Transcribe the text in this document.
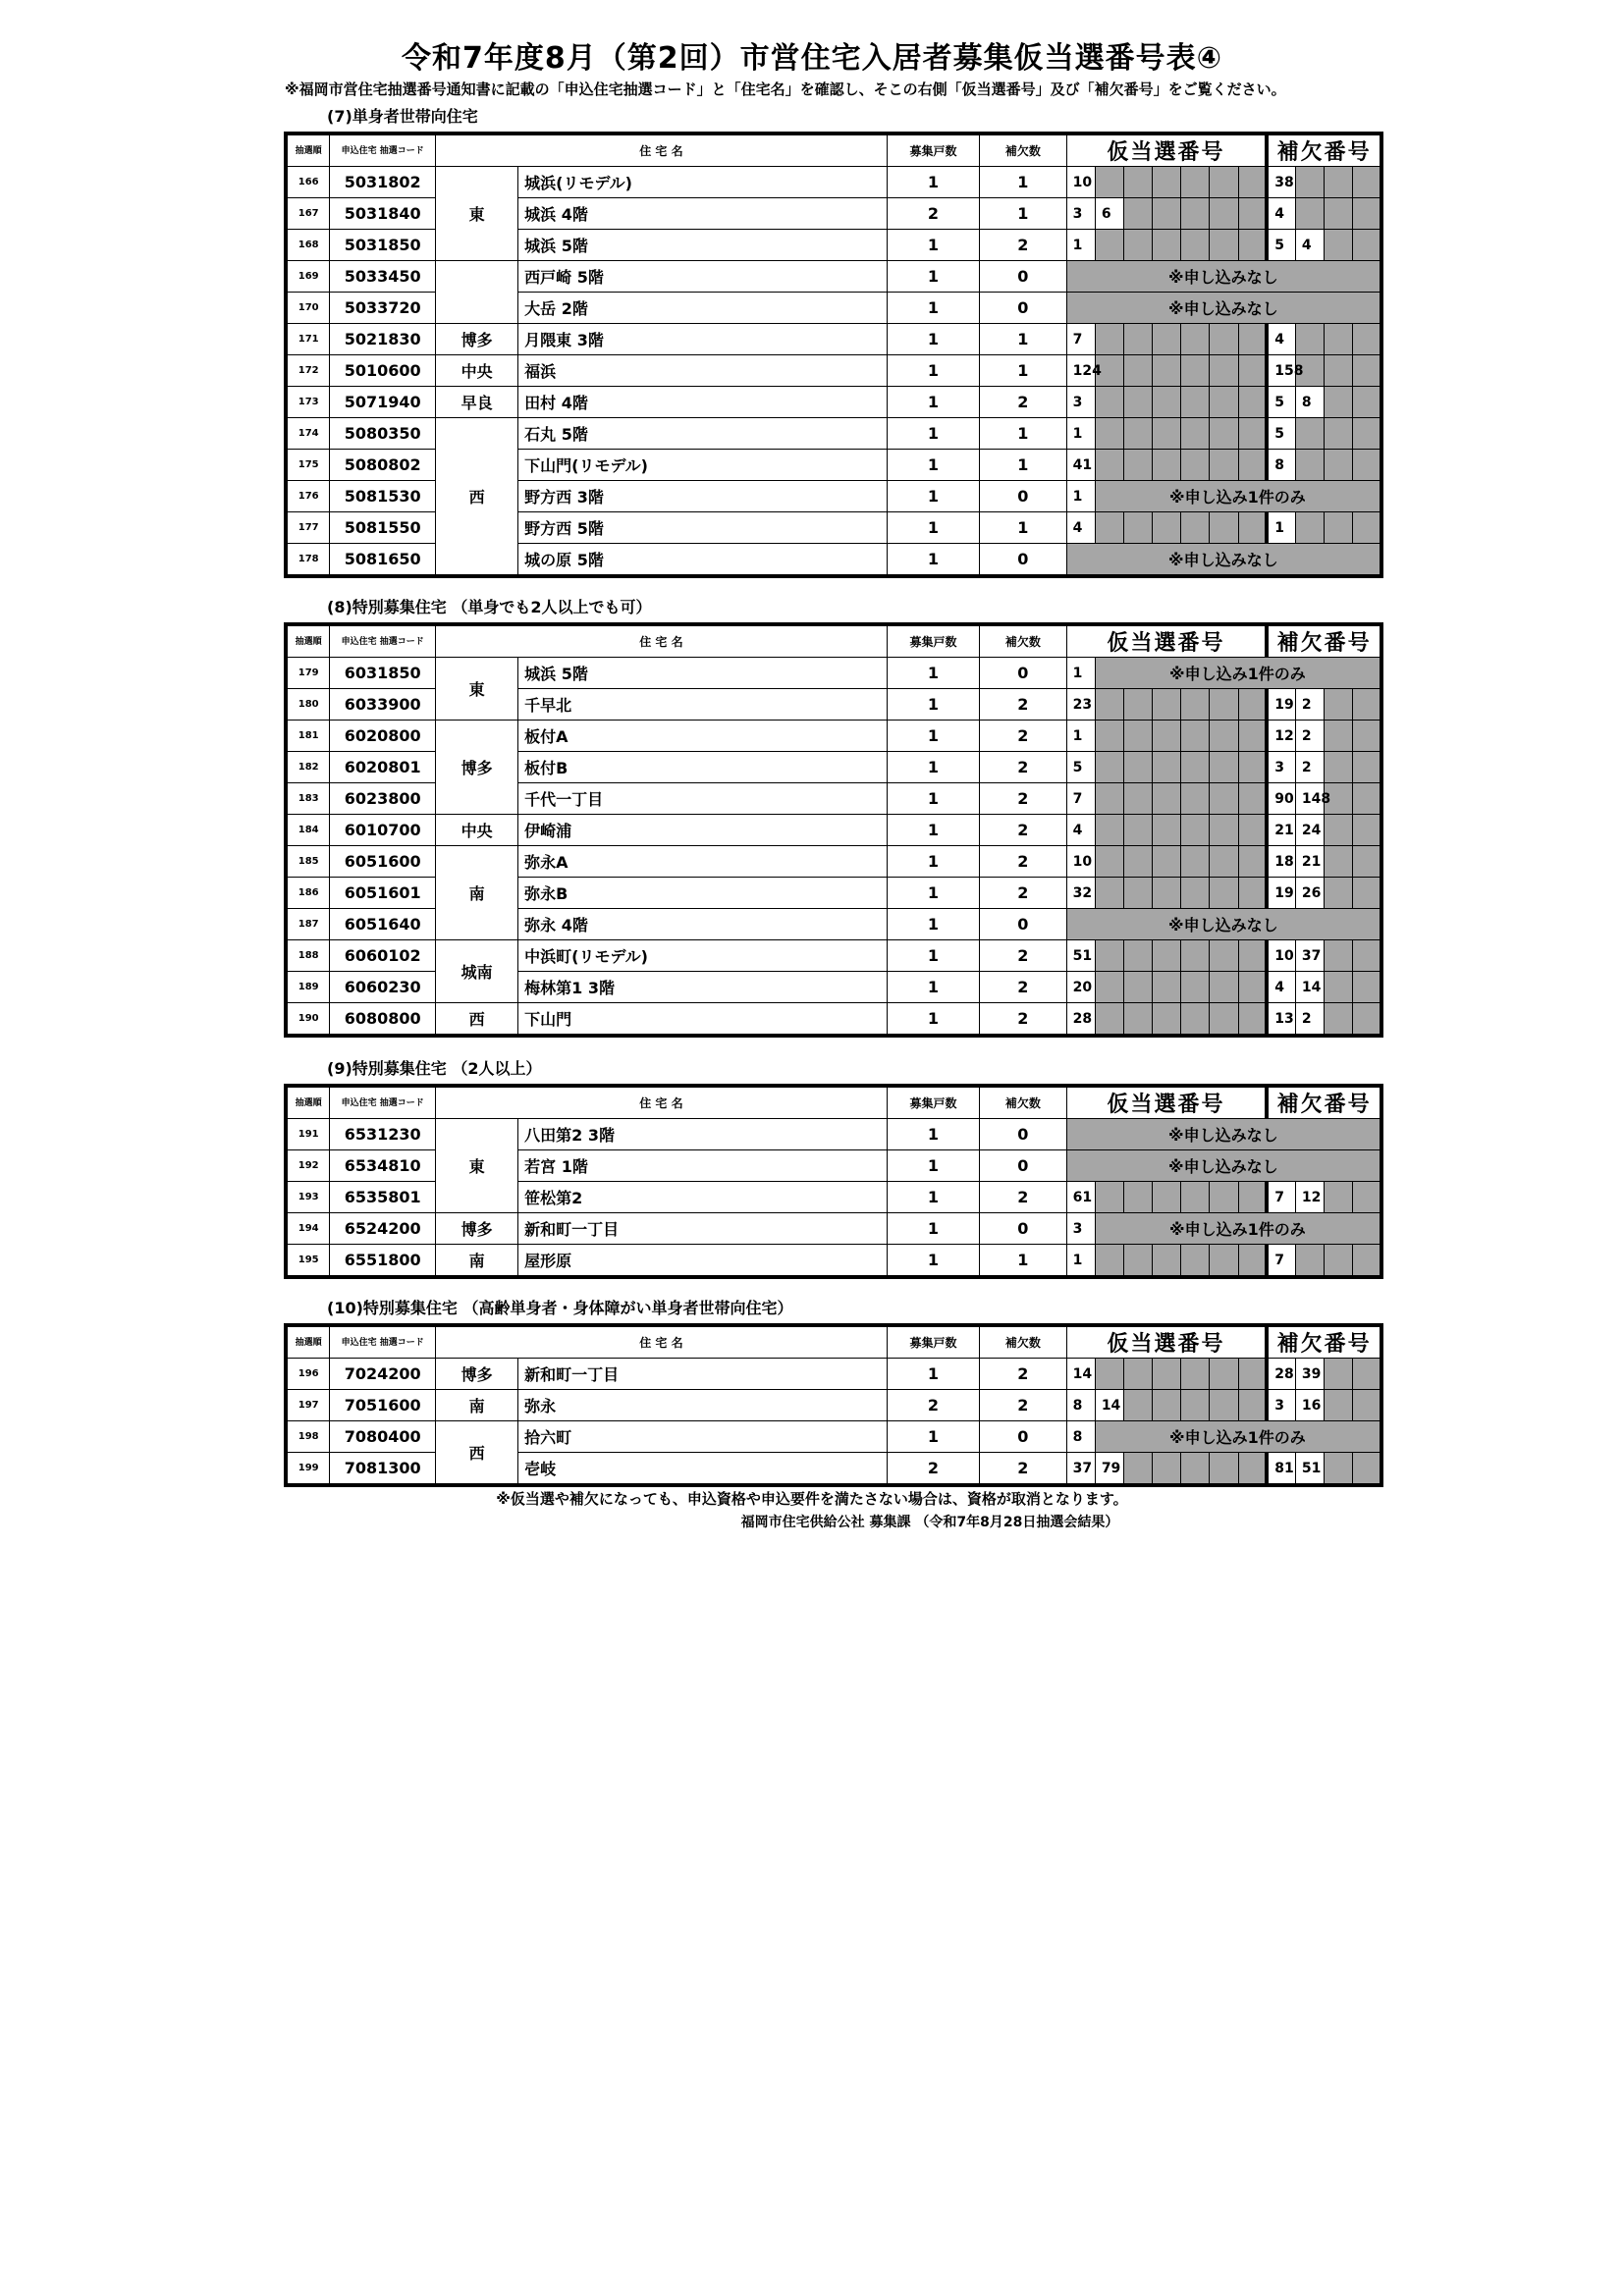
令和7年度8月（第2回）市営住宅入居者募集仮当選番号表④
※福岡市営住宅抽選番号通知書に記載の「申込住宅抽選コード」と「住宅名」を確認し、そこの右側「仮当選番号」及び「補欠番号」をご覧ください。
(7)単身者世帯向住宅
抽選順	申込住宅 抽選コード	住 宅 名		募集戸数	補欠数	仮当選番号							補欠番号			
166	5031802	東	城浜(リモデル)	1	1	10							38			
167	5031840		城浜 4階	2	1	3	6						4			
168	5031850		城浜 5階	1	2	1							5	4		
169	5033450		西戸崎 5階	1	0	※申し込みなし										
170	5033720		大岳 2階	1	0	※申し込みなし										
171	5021830	博多	月隈東 3階	1	1	7							4			
172	5010600	中央	福浜	1	1	124							158			
173	5071940	早良	田村 4階	1	2	3							5	8		
174	5080350	西	石丸 5階	1	1	1							5			
175	5080802		下山門(リモデル)	1	1	41							8			
176	5081530		野方西 3階	1	0	1	※申し込み1件のみ									
177	5081550		野方西 5階	1	1	4							1			
178	5081650		城の原 5階	1	0	※申し込みなし										
(8)特別募集住宅 （単身でも2人以上でも可）
抽選順	申込住宅 抽選コード	住 宅 名		募集戸数	補欠数	仮当選番号							補欠番号			
179	6031850	東	城浜 5階	1	0	1	※申し込み1件のみ									
180	6033900		千早北	1	2	23							19	2		
181	6020800	博多	板付A	1	2	1							12	2		
182	6020801		板付B	1	2	5							3	2		
183	6023800		千代一丁目	1	2	7							90	148		
184	6010700	中央	伊崎浦	1	2	4							21	24		
185	6051600	南	弥永A	1	2	10							18	21		
186	6051601		弥永B	1	2	32							19	26		
187	6051640		弥永 4階	1	0	※申し込みなし										
188	6060102	城南	中浜町(リモデル)	1	2	51							10	37		
189	6060230		梅林第1 3階	1	2	20							4	14		
190	6080800	西	下山門	1	2	28							13	2		
(9)特別募集住宅 （2人以上）
抽選順	申込住宅 抽選コード	住 宅 名		募集戸数	補欠数	仮当選番号							補欠番号			
191	6531230	東	八田第2 3階	1	0	※申し込みなし										
192	6534810		若宮 1階	1	0	※申し込みなし										
193	6535801		笹松第2	1	2	61							7	12		
194	6524200	博多	新和町一丁目	1	0	3	※申し込み1件のみ									
195	6551800	南	屋形原	1	1	1							7			
(10)特別募集住宅 （高齢単身者・身体障がい単身者世帯向住宅）
抽選順	申込住宅 抽選コード	住 宅 名		募集戸数	補欠数	仮当選番号							補欠番号			
196	7024200	博多	新和町一丁目	1	2	14							28	39		
197	7051600	南	弥永	2	2	8	14						3	16		
198	7080400	西	拾六町	1	0	8	※申し込み1件のみ									
199	7081300		壱岐	2	2	37	79						81	51		
※仮当選や補欠になっても、申込資格や申込要件を満たさない場合は、資格が取消となります。
福岡市住宅供給公社 募集課 （令和7年8月28日抽選会結果）
